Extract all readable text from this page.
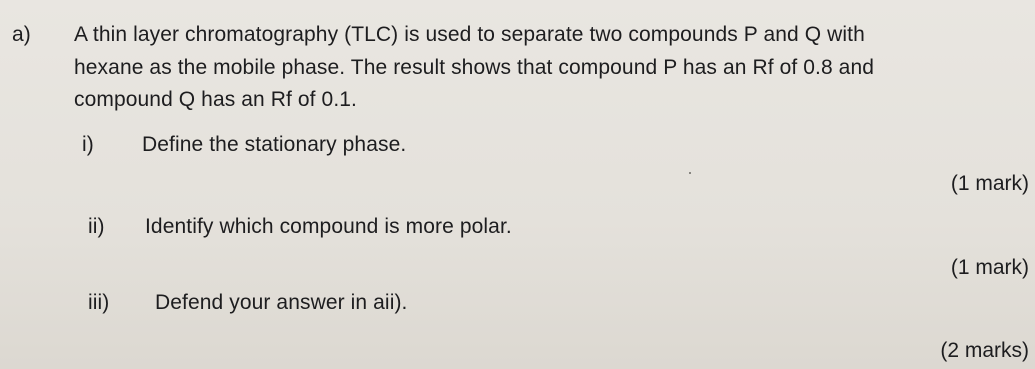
a) A thin layer chromatography (TLC) is used to separate two compounds P and Q with
hexane as the mobile phase. The result shows that compound P has an Rf of 0.8 and
compound Q has an Rf of 0.1.
i) Define the stationary phase.
(1 mark)
ii) Identify which compound is more polar.
(1 mark)
iii) Defend your answer in aii).
(2 marks)
